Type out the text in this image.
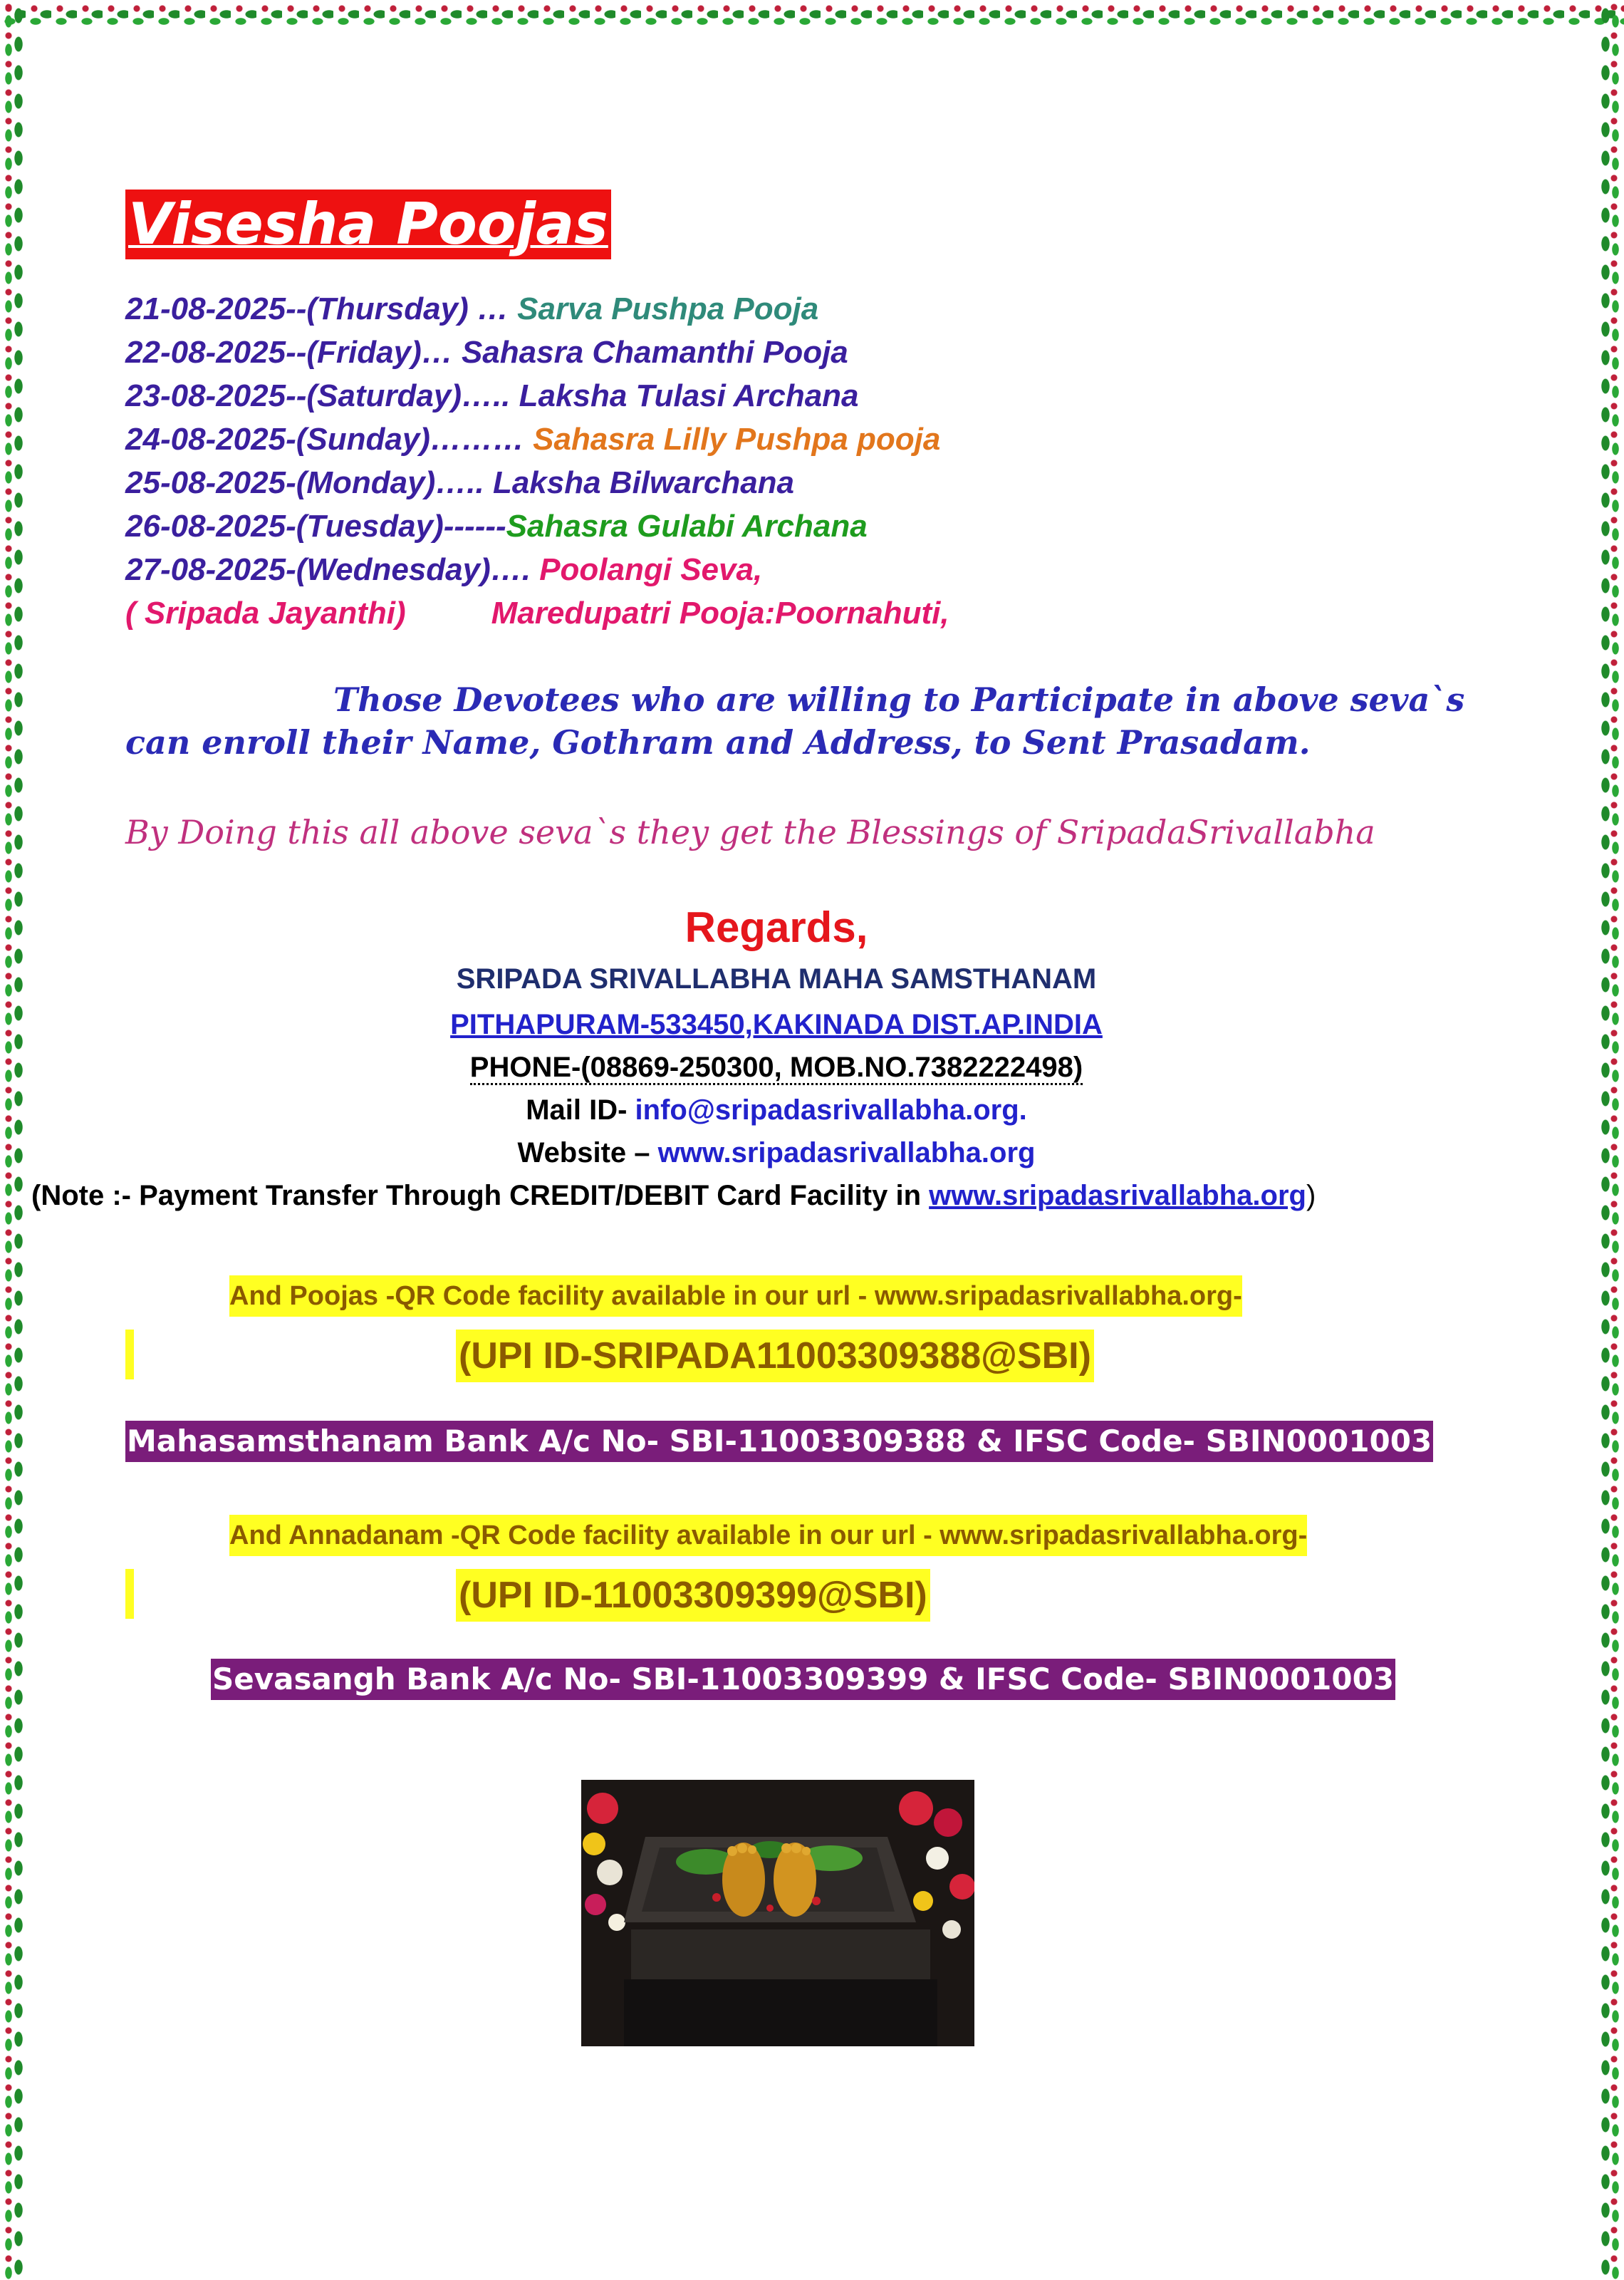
Visesha Poojas
21-08-2025--(Thursday) … Sarva Pushpa Pooja
22-08-2025--(Friday)… Sahasra Chamanthi Pooja
23-08-2025--(Saturday)….. Laksha Tulasi Archana
24-08-2025-(Sunday)……… Sahasra Lilly Pushpa pooja
25-08-2025-(Monday)….. Laksha Bilwarchana
26-08-2025-(Tuesday)------Sahasra Gulabi Archana
27-08-2025-(Wednesday)…. Poolangi Seva,
( Sripada Jayanthi)	Maredupatri Pooja:Poornahuti,
Those Devotees who are willing to Participate in above seva`s
can enroll their Name, Gothram and Address, to Sent Prasadam.
By Doing this all above seva`s they get the Blessings of SripadaSrivallabha
Regards,
SRIPADA SRIVALLABHA MAHA SAMSTHANAM
PITHAPURAM-533450,KAKINADA DIST.AP.INDIA
PHONE-(08869-250300, MOB.NO.7382222498)
Mail ID- info@sripadasrivallabha.org.
Website – www.sripadasrivallabha.org
(Note :- Payment Transfer Through CREDIT/DEBIT Card Facility in www.sripadasrivallabha.org)
And Poojas -QR Code facility available in our url - www.sripadasrivallabha.org-
(UPI ID-SRIPADA11003309388@SBI)
Mahasamsthanam Bank A/c No- SBI-11003309388 & IFSC Code- SBIN0001003
And Annadanam -QR Code facility available in our url - www.sripadasrivallabha.org-
(UPI ID-11003309399@SBI)
Sevasangh Bank A/c No- SBI-11003309399 & IFSC Code- SBIN0001003
